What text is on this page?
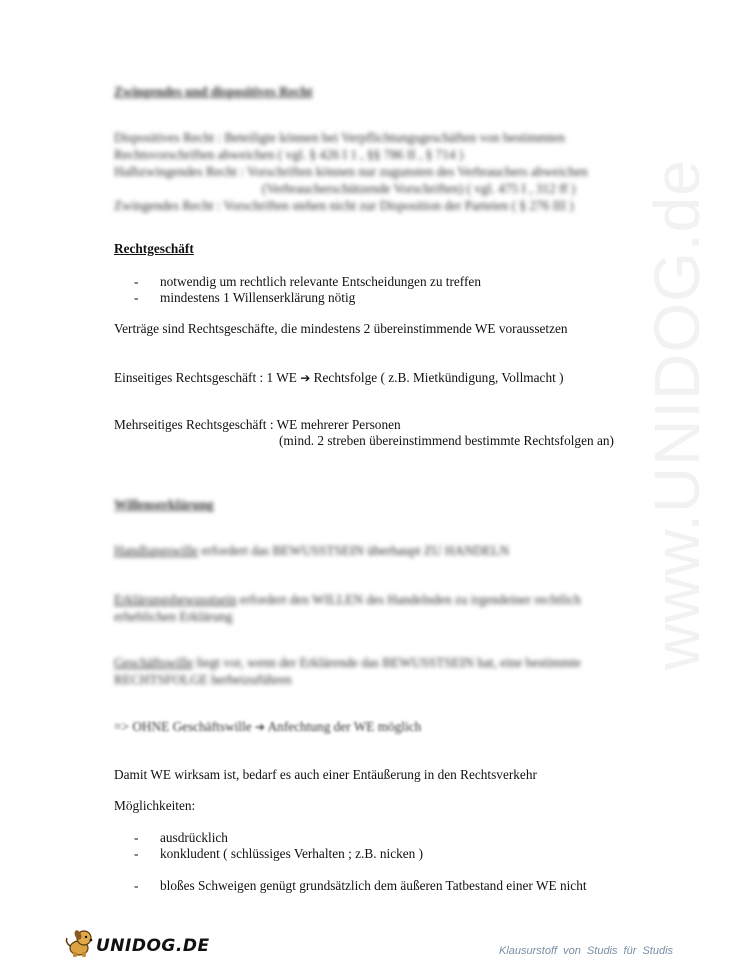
www.UNIDOG.de
Zwingendes und dispositives Recht
Dispositives Recht : Beteiligte können bei Verpflichtungsgeschäften von bestimmten
Rechtsvorschriften abweichen ( vgl. § 426 I 1 , §§ 786 II , § 714 )
Halbzwingendes Recht : Vorschriften können nur zugunsten des Verbrauchers abweichen
(Verbraucherschützende Vorschriften) ( vgl. 475 I , 312 ff )
Zwingendes Recht : Vorschriften stehen nicht zur Disposition der Parteien ( § 276 III )
Rechtgeschäft
- notwendig um rechtlich relevante Entscheidungen zu treffen
- mindestens 1 Willenserklärung nötig
Verträge sind Rechtsgeschäfte, die mindestens 2 übereinstimmende WE voraussetzen
Einseitiges Rechtsgeschäft : 1 WE ➔ Rechtsfolge ( z.B. Mietkündigung, Vollmacht )
Mehrseitiges Rechtsgeschäft : WE mehrerer Personen
(mind. 2 streben übereinstimmend bestimmte Rechtsfolgen an)
Willenserklärung
Handlungswille erfordert das BEWUSSTSEIN überhaupt ZU HANDELN
Erklärungsbewusstsein erfordert den WILLEN des Handelnden zu irgendeiner rechtlich
erheblichen Erklärung
Geschäftswille liegt vor, wenn der Erklärende das BEWUSSTSEIN hat, eine bestimmte
RECHTSFOLGE herbeizuführen
=> OHNE Geschäftswille ➔ Anfechtung der WE möglich
Damit WE wirksam ist, bedarf es auch einer Entäußerung in den Rechtsverkehr
Möglichkeiten:
- ausdrücklich
- konkludent ( schlüssiges Verhalten ; z.B. nicken )
- bloßes Schweigen genügt grundsätzlich dem äußeren Tatbestand einer WE nicht
UNIDOG.DE	Klausurstoff von Studis für Studis
